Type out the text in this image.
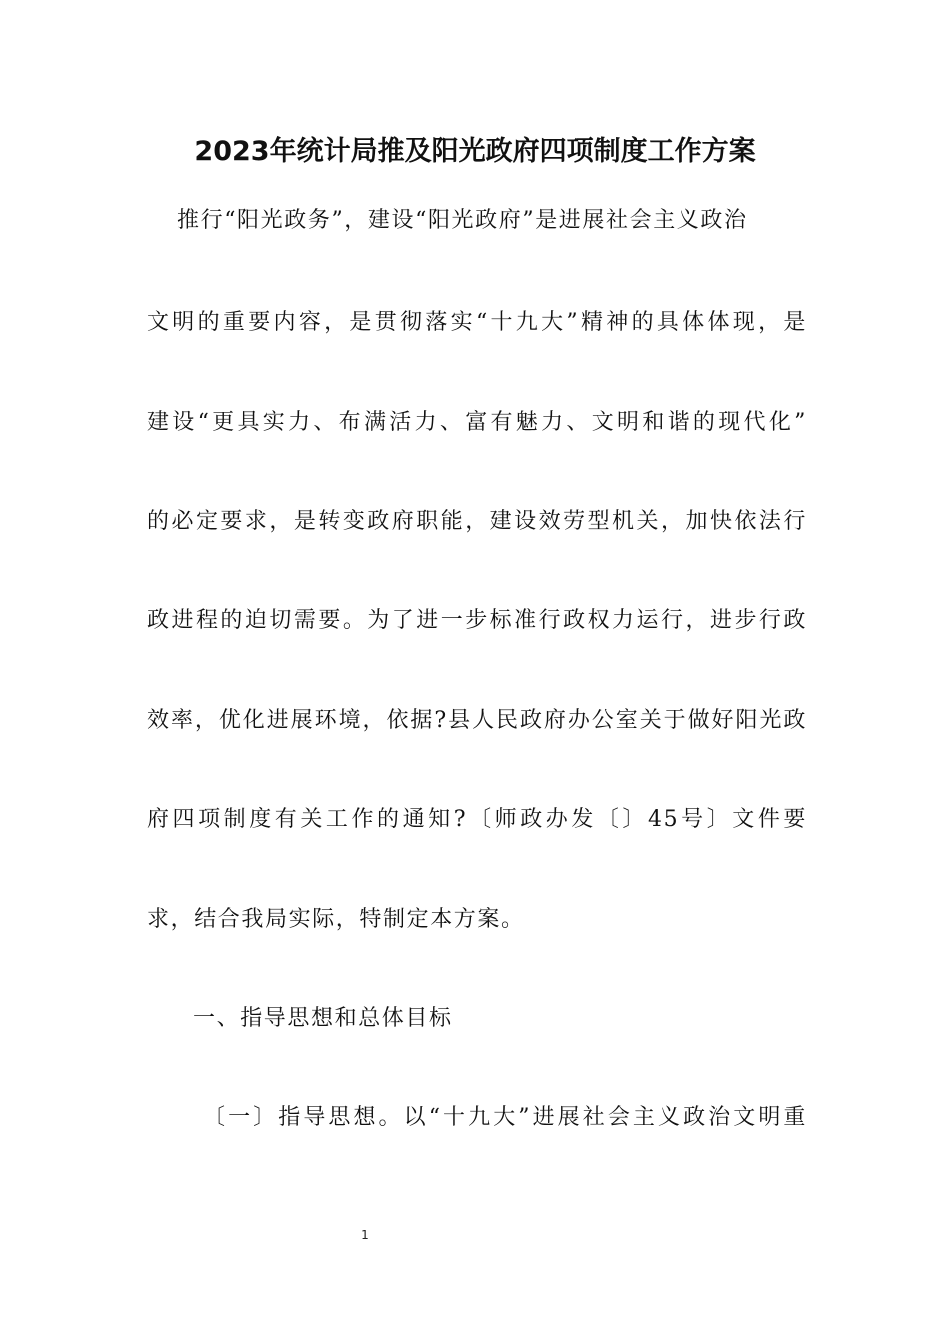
2023年统计局推及阳光政府四项制度工作方案

推行“阳光政务”，建设“阳光政府”是进展社会主义政治

文明的重要内容，是贯彻落实“十九大”精神的具体体现，是

建设“更具实力、布满活力、富有魅力、文明和谐的现代化”

的必定要求，是转变政府职能，建设效劳型机关，加快依法行

政进程的迫切需要。为了进一步标准行政权力运行，进步行政

效率，优化进展环境，依据?县人民政府办公室关于做好阳光政

府四项制度有关工作的通知?〔师政办发〔〕45号〕文件要

求，结合我局实际，特制定本方案。

一、指导思想和总体目标

〔一〕指导思想。以“十九大”进展社会主义政治文明重

1
